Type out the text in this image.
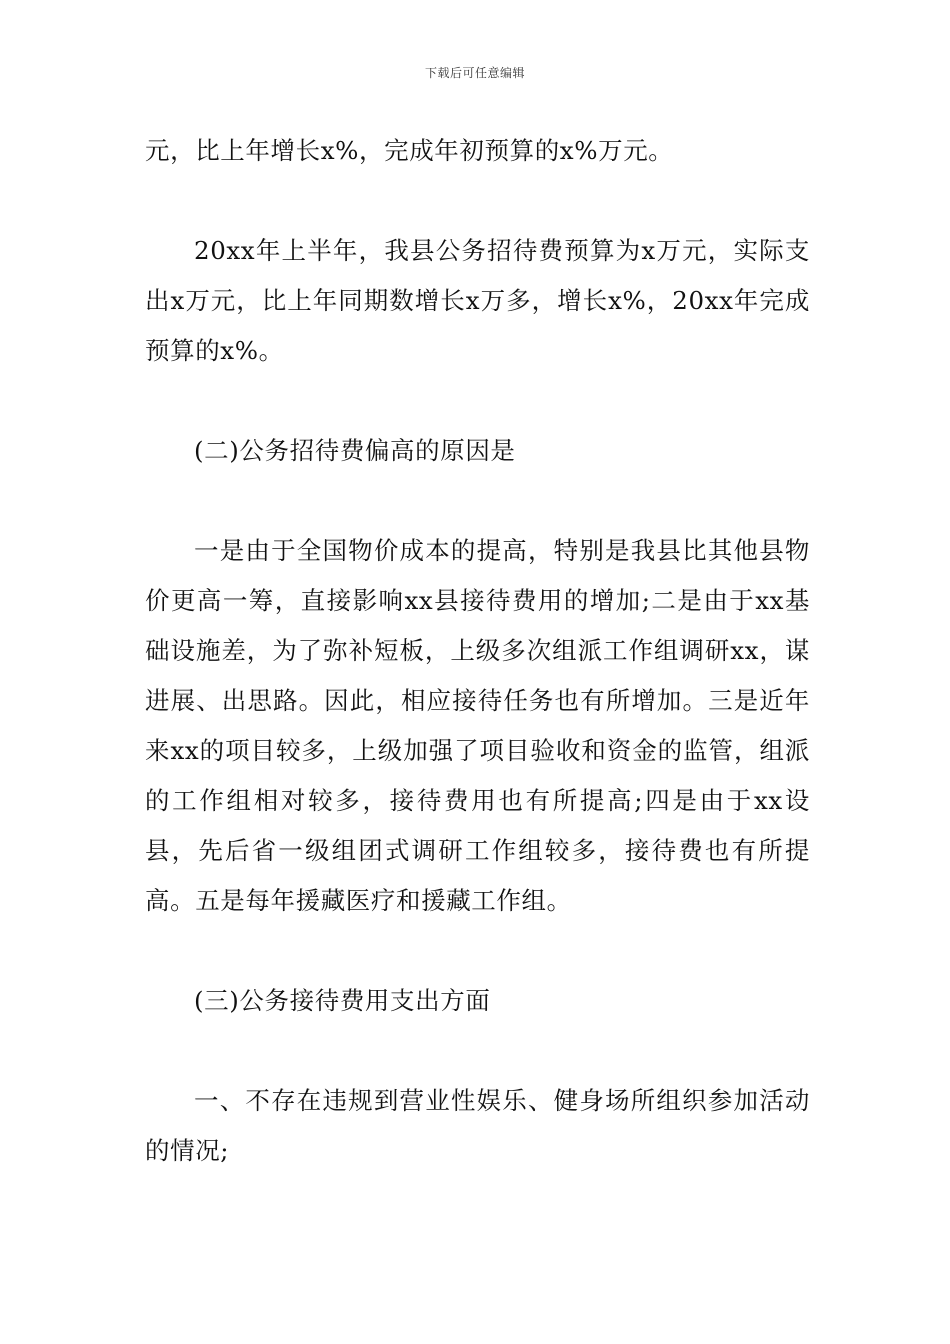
下载后可任意编辑

元，比上年增长x%，完成年初预算的x%万元。

20xx年上半年，我县公务招待费预算为x万元，实际支出x万元，比上年同期数增长x万多，增长x%，20xx年完成预算的x%。

(二)公务招待费偏高的原因是

一是由于全国物价成本的提高，特别是我县比其他县物价更高一筹，直接影响xx县接待费用的增加;二是由于xx基础设施差，为了弥补短板，上级多次组派工作组调研xx，谋进展、出思路。因此，相应接待任务也有所增加。三是近年来xx的项目较多，上级加强了项目验收和资金的监管，组派的工作组相对较多，接待费用也有所提高;四是由于xx设县，先后省一级组团式调研工作组较多，接待费也有所提高。五是每年援藏医疗和援藏工作组。

(三)公务接待费用支出方面

一、不存在违规到营业性娱乐、健身场所组织参加活动的情况;
